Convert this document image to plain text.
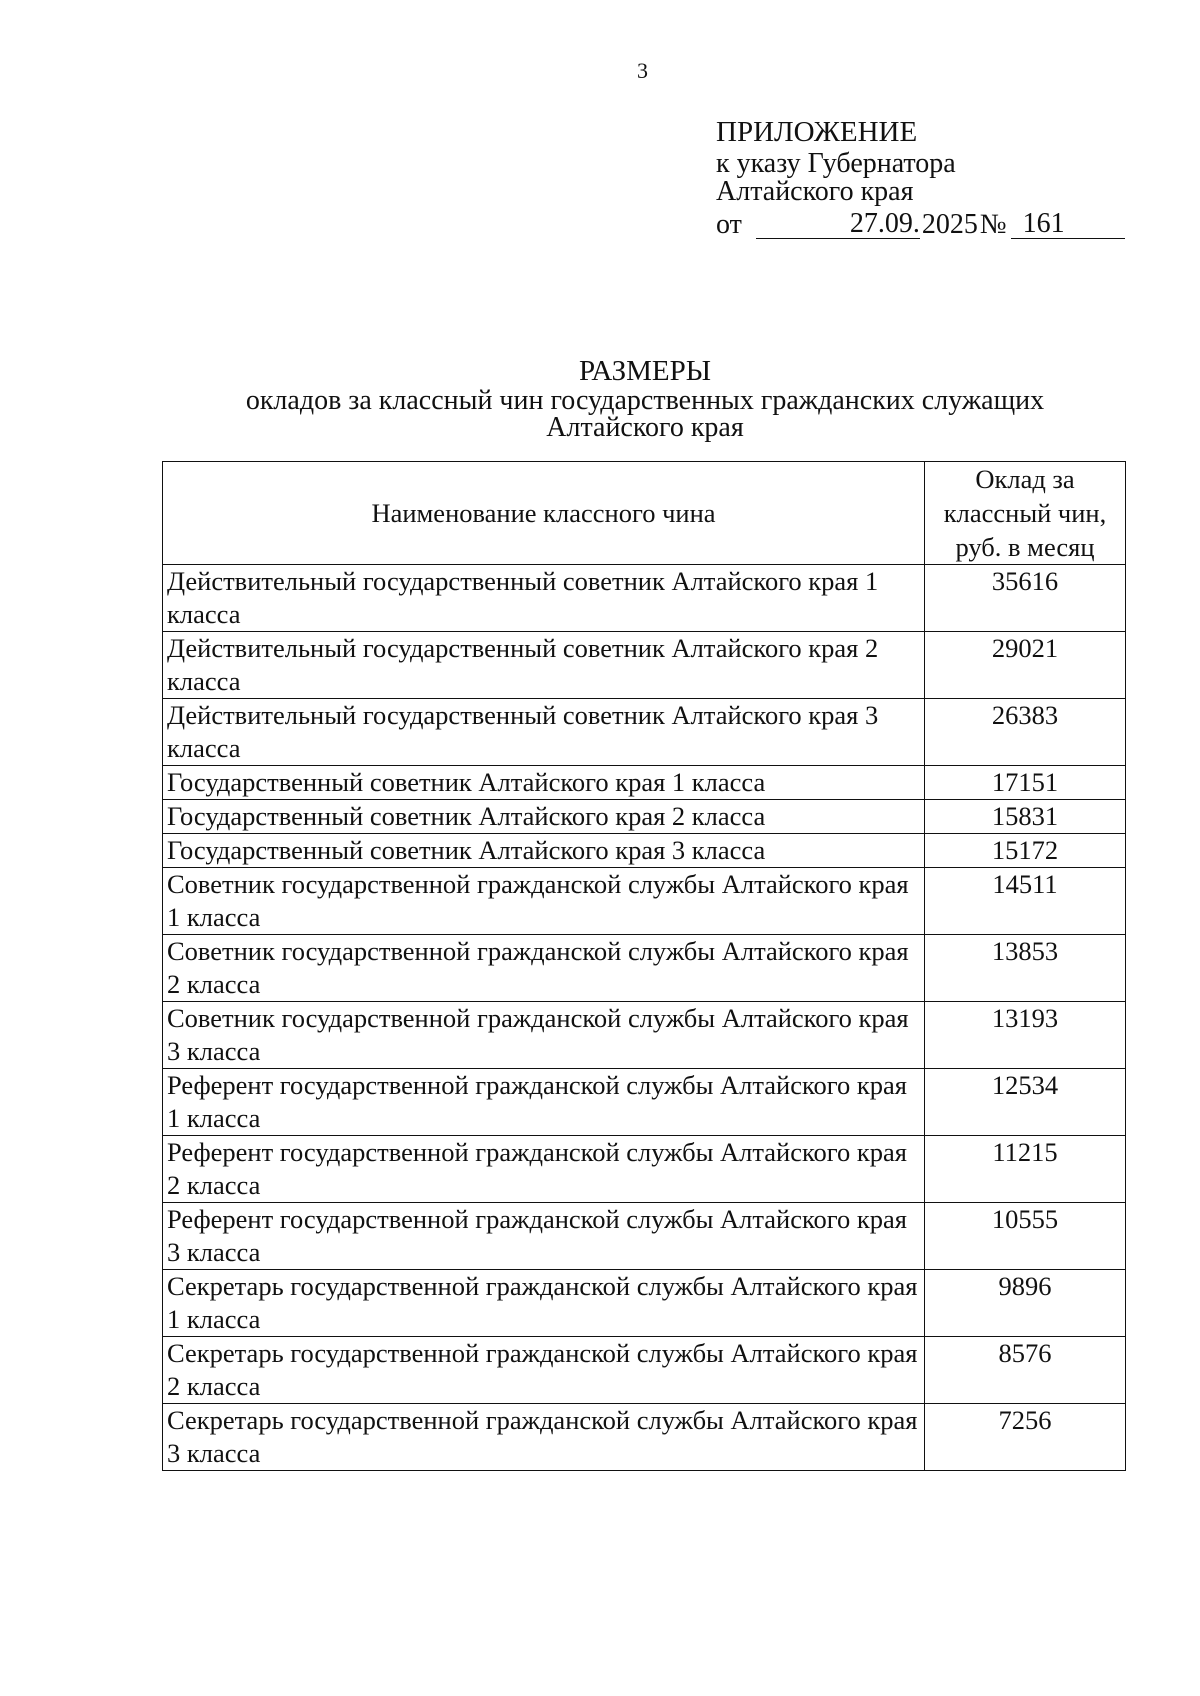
3
ПРИЛОЖЕНИЕ
к указу Губернатора
Алтайского края
от	27.09. 2025 № 161
РАЗМЕРЫ
окладов за классный чин государственных гражданских служащих
Алтайского края
Наименование классного чина	Оклад за
классный чин,
руб. в месяц

Действительный государственный советник Алтайского края 1 класса	35616
Действительный государственный советник Алтайского края 2 класса	29021
Действительный государственный советник Алтайского края 3 класса	26383
Государственный советник Алтайского края 1 класса	17151
Государственный советник Алтайского края 2 класса	15831
Государственный советник Алтайского края 3 класса	15172
Советник государственной гражданской службы Алтайского края 1 класса	14511
Советник государственной гражданской службы Алтайского края 2 класса	13853
Советник государственной гражданской службы Алтайского края 3 класса	13193
Референт государственной гражданской службы Алтайского края 1 класса	12534
Референт государственной гражданской службы Алтайского края 2 класса	11215
Референт государственной гражданской службы Алтайского края 3 класса	10555
Секретарь государственной гражданской службы Алтайского края 1 класса	9896
Секретарь государственной гражданской службы Алтайского края 2 класса	8576
Секретарь государственной гражданской службы Алтайского края 3 класса	7256
